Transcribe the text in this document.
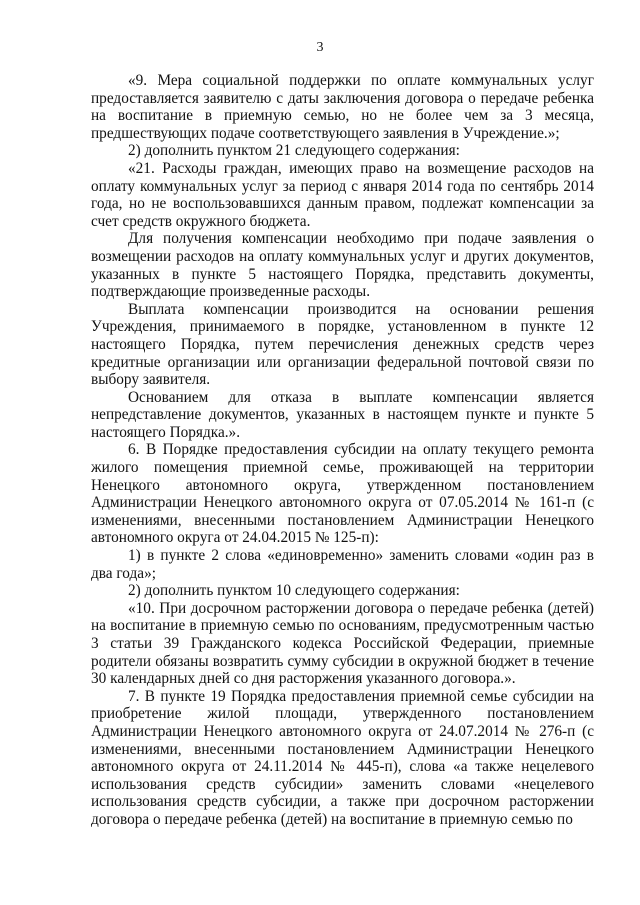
3

«9. Мера социальной поддержки по оплате коммунальных услуг предоставляется заявителю с даты заключения договора о передаче ребенка на воспитание в приемную семью, но не более чем за 3 месяца, предшествующих подаче соответствующего заявления в Учреждение.»;

2) дополнить пунктом 21 следующего содержания:

«21. Расходы граждан, имеющих право на возмещение расходов на оплату коммунальных услуг за период с января 2014 года по сентябрь 2014 года, но не воспользовавшихся данным правом, подлежат компенсации за счет средств окружного бюджета.

Для получения компенсации необходимо при подаче заявления о возмещении расходов на оплату коммунальных услуг и других документов, указанных в пункте 5 настоящего Порядка, представить документы, подтверждающие произведенные расходы.

Выплата компенсации производится на основании решения Учреждения, принимаемого в порядке, установленном в пункте 12 настоящего Порядка, путем перечисления денежных средств через кредитные организации или организации федеральной почтовой связи по выбору заявителя.

Основанием для отказа в выплате компенсации является непредставление документов, указанных в настоящем пункте и пункте 5 настоящего Порядка.».

6. В Порядке предоставления субсидии на оплату текущего ремонта жилого помещения приемной семье, проживающей на территории Ненецкого автономного округа, утвержденном постановлением Администрации Ненецкого автономного округа от 07.05.2014 № 161-п (с изменениями, внесенными постановлением Администрации Ненецкого автономного округа от 24.04.2015 № 125-п):

1) в пункте 2 слова «единовременно» заменить словами «один раз в два года»;

2) дополнить пунктом 10 следующего содержания:

«10. При досрочном расторжении договора о передаче ребенка (детей) на воспитание в приемную семью по основаниям, предусмотренным частью 3 статьи 39 Гражданского кодекса Российской Федерации, приемные родители обязаны возвратить сумму субсидии в окружной бюджет в течение 30 календарных дней со дня расторжения указанного договора.».

7. В пункте 19 Порядка предоставления приемной семье субсидии на приобретение жилой площади, утвержденного постановлением Администрации Ненецкого автономного округа от 24.07.2014 № 276-п (с изменениями, внесенными постановлением Администрации Ненецкого автономного округа от 24.11.2014 № 445-п), слова «а также нецелевого использования средств субсидии» заменить словами «нецелевого использования средств субсидии, а также при досрочном расторжении договора о передаче ребенка (детей) на воспитание в приемную семью по
